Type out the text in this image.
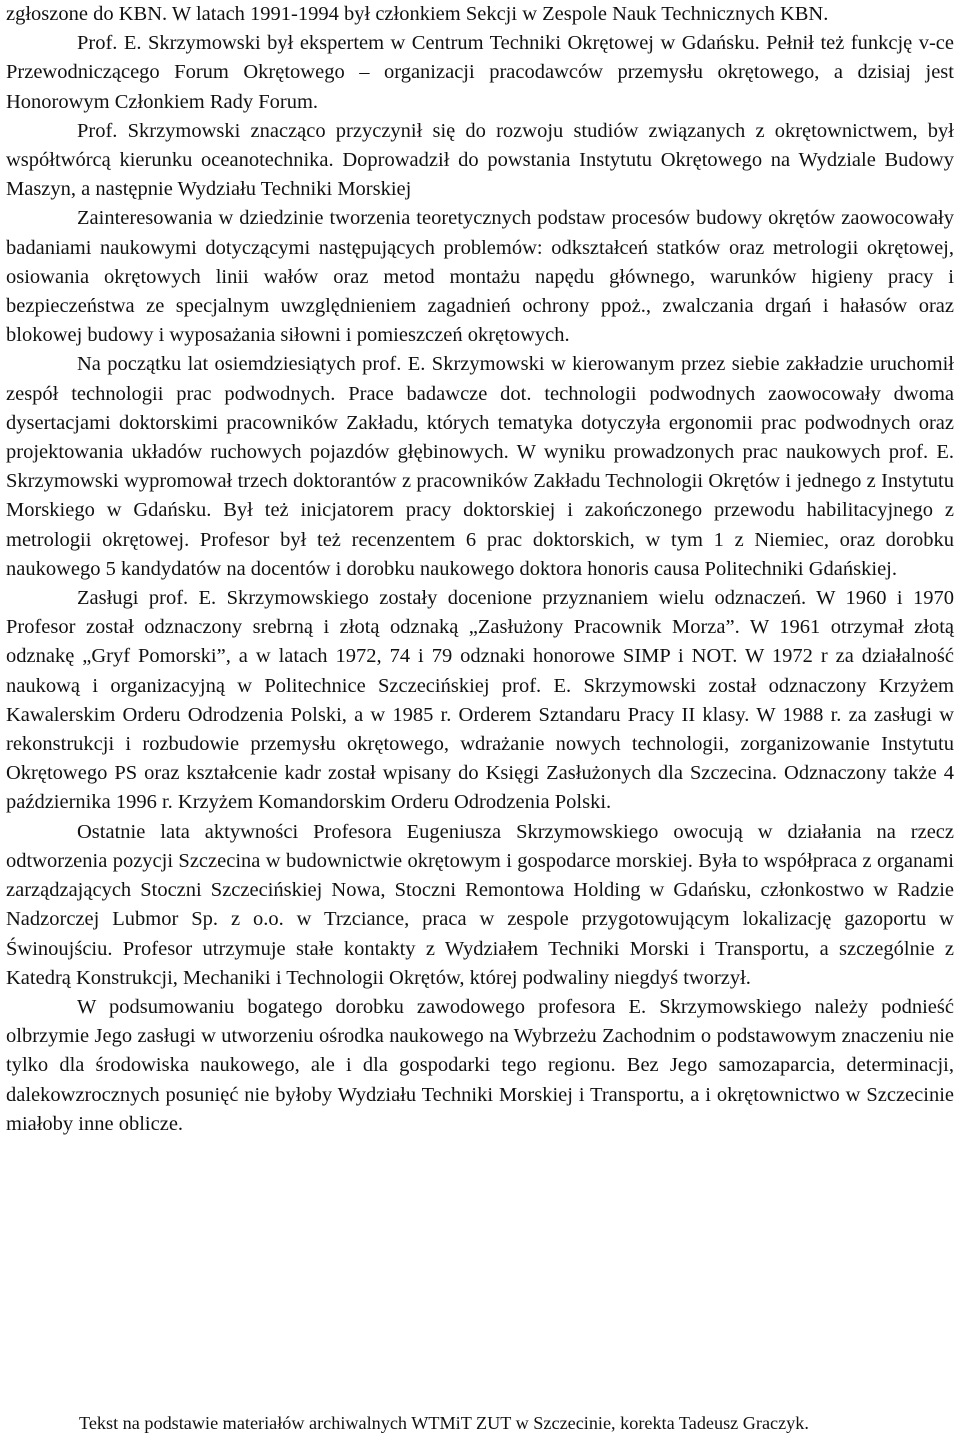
zgłoszone do KBN. W latach 1991-1994 był członkiem Sekcji w Zespole Nauk Technicznych KBN.

Prof. E. Skrzymowski był ekspertem w Centrum Techniki Okrętowej w Gdańsku. Pełnił też funkcję v-ce Przewodniczącego Forum Okrętowego – organizacji pracodawców przemysłu okrętowego, a dzisiaj jest Honorowym Członkiem Rady Forum.

Prof. Skrzymowski znacząco przyczynił się do rozwoju studiów związanych z okrętownictwem, był współtwórcą kierunku oceanotechnika. Doprowadził do powstania Instytutu Okrętowego na Wydziale Budowy Maszyn, a następnie Wydziału Techniki Morskiej

Zainteresowania w dziedzinie tworzenia teoretycznych podstaw procesów budowy okrętów zaowocowały badaniami naukowymi dotyczącymi następujących problemów: odkształceń statków oraz metrologii okrętowej, osiowania okrętowych linii wałów oraz metod montażu napędu głównego, warunków higieny pracy i bezpieczeństwa ze specjalnym uwzględnieniem zagadnień ochrony ppoż., zwalczania drgań i hałasów oraz blokowej budowy i wyposażania siłowni i pomieszczeń okrętowych.

Na początku lat osiemdziesiątych prof. E. Skrzymowski w kierowanym przez siebie zakładzie uruchomił zespół technologii prac podwodnych. Prace badawcze dot. technologii podwodnych zaowocowały dwoma dysertacjami doktorskimi pracowników Zakładu, których tematyka dotyczyła ergonomii prac podwodnych oraz projektowania układów ruchowych pojazdów głębinowych. W wyniku prowadzonych prac naukowych prof. E. Skrzymowski wypromował trzech doktorantów z pracowników Zakładu Technologii Okrętów i jednego z Instytutu Morskiego w Gdańsku. Był też inicjatorem pracy doktorskiej i zakończonego przewodu habilitacyjnego z metrologii okrętowej. Profesor był też recenzentem 6 prac doktorskich, w tym 1 z Niemiec, oraz dorobku naukowego 5 kandydatów na docentów i dorobku naukowego doktora honoris causa Politechniki Gdańskiej.

Zasługi prof. E. Skrzymowskiego zostały docenione przyznaniem wielu odznaczeń. W 1960 i 1970 Profesor został odznaczony srebrną i złotą odznaką „Zasłużony Pracownik Morza”. W 1961 otrzymał złotą odznakę „Gryf Pomorski”, a w latach 1972, 74 i 79 odznaki honorowe SIMP i NOT. W 1972 r za działalność naukową i organizacyjną w Politechnice Szczecińskiej prof. E. Skrzymowski został odznaczony Krzyżem Kawalerskim Orderu Odrodzenia Polski, a w 1985 r. Orderem Sztandaru Pracy II klasy. W 1988 r. za zasługi w rekonstrukcji i rozbudowie przemysłu okrętowego, wdrażanie nowych technologii, zorganizowanie Instytutu Okrętowego PS oraz kształcenie kadr został wpisany do Księgi Zasłużonych dla Szczecina. Odznaczony także 4 października 1996 r. Krzyżem Komandorskim Orderu Odrodzenia Polski.

Ostatnie lata aktywności Profesora Eugeniusza Skrzymowskiego owocują w działania na rzecz odtworzenia pozycji Szczecina w budownictwie okrętowym i gospodarce morskiej. Była to współpraca z organami zarządzających Stoczni Szczecińskiej Nowa, Stoczni Remontowa Holding w Gdańsku, członkostwo w Radzie Nadzorczej Lubmor Sp. z o.o. w Trzciance, praca w zespole przygotowującym lokalizację gazoportu w Świnoujściu. Profesor utrzymuje stałe kontakty z Wydziałem Techniki Morski i Transportu, a szczególnie z Katedrą Konstrukcji, Mechaniki i Technologii Okrętów, której podwaliny niegdyś tworzył.

W podsumowaniu bogatego dorobku zawodowego profesora E. Skrzymowskiego należy podnieść olbrzymie Jego zasługi w utworzeniu ośrodka naukowego na Wybrzeżu Zachodnim o podstawowym znaczeniu nie tylko dla środowiska naukowego, ale i dla gospodarki tego regionu. Bez Jego samozaparcia, determinacji, dalekowzrocznych posunięć nie byłoby Wydziału Techniki Morskiej i Transportu, a i okrętownictwo w Szczecinie miałoby inne oblicze.

Tekst na podstawie materiałów archiwalnych WTMiT ZUT w Szczecinie, korekta Tadeusz Graczyk.
